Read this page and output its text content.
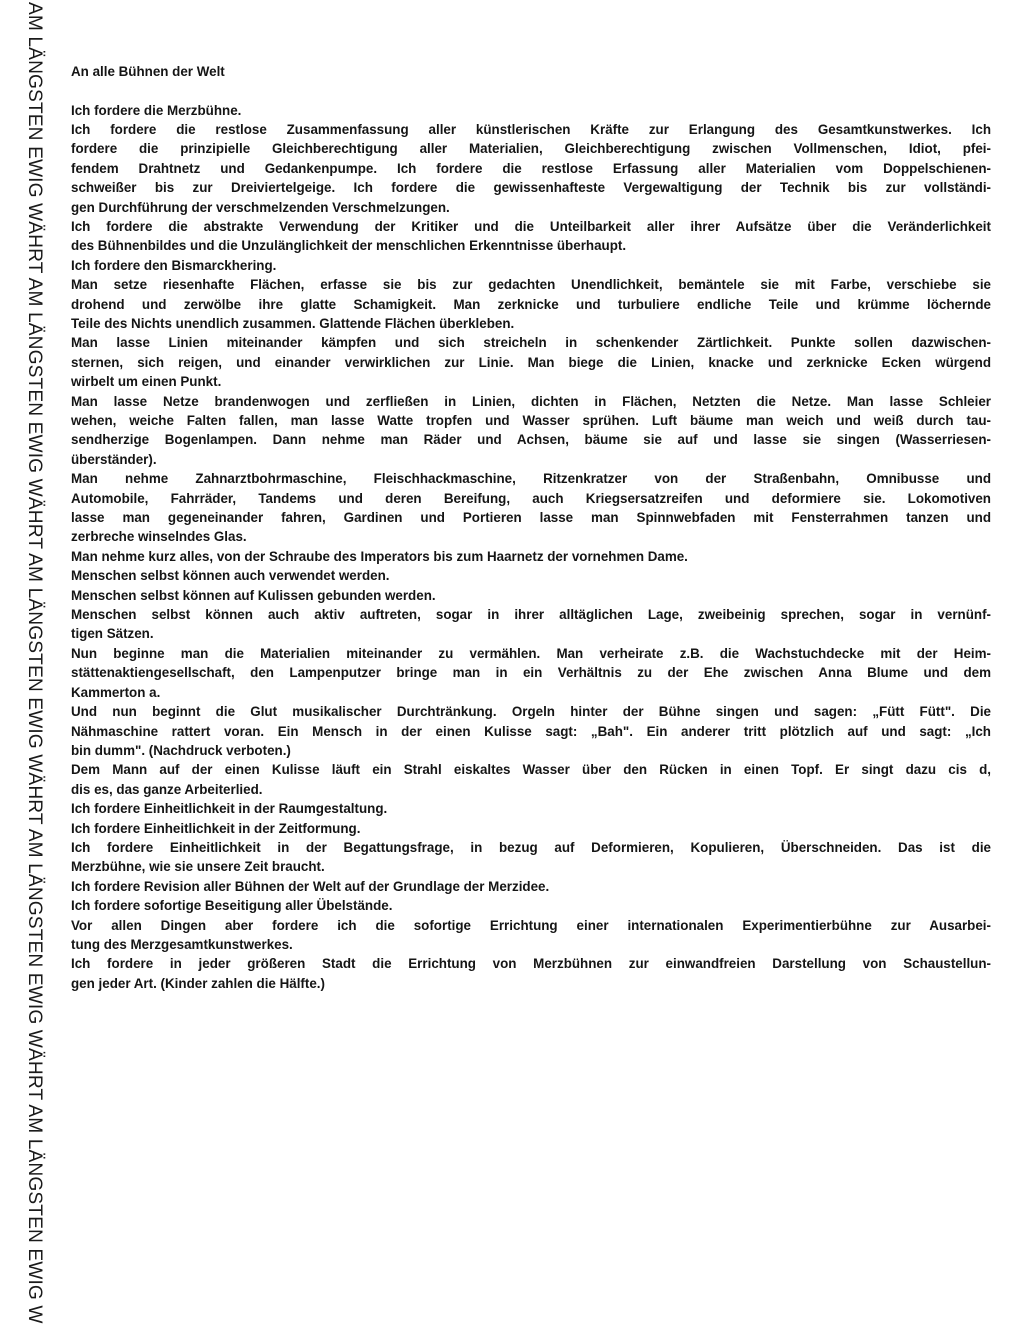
AM LÄNGSTEN EWIG WÄHRT AM LÄNGSTEN EWIG WÄHRT AM LÄNGSTEN EWIG WÄHRT AM LÄNGSTEN EWIG WÄHRT AM LÄNGSTEN EWIG W An alle Bühnen der Welt
Ich fordere die Merzbühne.
Ich fordere die restlose Zusammenfassung aller künstlerischen Kräfte zur Erlangung des Gesamtkunstwerkes. Ich
fordere die prinzipielle Gleichberechtigung aller Materialien, Gleichberechtigung zwischen Vollmenschen, Idiot, pfei-
fendem Drahtnetz und Gedankenpumpe. Ich fordere die restlose Erfassung aller Materialien vom Doppelschienen-
schweißer bis zur Dreiviertelgeige. Ich fordere die gewissenhafteste Vergewaltigung der Technik bis zur vollständi-
gen Durchführung der verschmelzenden Verschmelzungen.
Ich fordere die abstrakte Verwendung der Kritiker und die Unteilbarkeit aller ihrer Aufsätze über die Veränderlichkeit
des Bühnenbildes und die Unzulänglichkeit der menschlichen Erkenntnisse überhaupt.
Ich fordere den Bismarckhering.
Man setze riesenhafte Flächen, erfasse sie bis zur gedachten Unendlichkeit, bemäntele sie mit Farbe, verschiebe sie
drohend und zerwölbe ihre glatte Schamigkeit. Man zerknicke und turbuliere endliche Teile und krümme löchernde
Teile des Nichts unendlich zusammen. Glattende Flächen überkleben.
Man lasse Linien miteinander kämpfen und sich streicheln in schenkender Zärtlichkeit. Punkte sollen dazwischen-
sternen, sich reigen, und einander verwirklichen zur Linie. Man biege die Linien, knacke und zerknicke Ecken würgend
wirbelt um einen Punkt.
Man lasse Netze brandenwogen und zerfließen in Linien, dichten in Flächen, Netzten die Netze. Man lasse Schleier
wehen, weiche Falten fallen, man lasse Watte tropfen und Wasser sprühen. Luft bäume man weich und weiß durch tau-
sendherzige Bogenlampen. Dann nehme man Räder und Achsen, bäume sie auf und lasse sie singen (Wasserriesen-
überständer).
Man nehme Zahnarztbohrmaschine, Fleischhackmaschine, Ritzenkratzer von der Straßenbahn, Omnibusse und
Automobile, Fahrräder, Tandems und deren Bereifung, auch Kriegsersatzreifen und deformiere sie. Lokomotiven
lasse man gegeneinander fahren, Gardinen und Portieren lasse man Spinnwebfaden mit Fensterrahmen tanzen und
zerbreche winselndes Glas.
Man nehme kurz alles, von der Schraube des Imperators bis zum Haarnetz der vornehmen Dame.
Menschen selbst können auch verwendet werden.
Menschen selbst können auf Kulissen gebunden werden.
Menschen selbst können auch aktiv auftreten, sogar in ihrer alltäglichen Lage, zweibeinig sprechen, sogar in vernünf-
tigen Sätzen.
Nun beginne man die Materialien miteinander zu vermählen. Man verheirate z.B. die Wachstuchdecke mit der Heim-
stättenaktiengesellschaft, den Lampenputzer bringe man in ein Verhältnis zu der Ehe zwischen Anna Blume und dem
Kammerton a.
Und nun beginnt die Glut musikalischer Durchtränkung. Orgeln hinter der Bühne singen und sagen: „Fütt Fütt". Die
Nähmaschine rattert voran. Ein Mensch in der einen Kulisse sagt: „Bah". Ein anderer tritt plötzlich auf und sagt: „Ich
bin dumm". (Nachdruck verboten.)
Dem Mann auf der einen Kulisse läuft ein Strahl eiskaltes Wasser über den Rücken in einen Topf. Er singt dazu cis d,
dis es, das ganze Arbeiterlied.
Ich fordere Einheitlichkeit in der Raumgestaltung.
Ich fordere Einheitlichkeit in der Zeitformung.
Ich fordere Einheitlichkeit in der Begattungsfrage, in bezug auf Deformieren, Kopulieren, Überschneiden. Das ist die
Merzbühne, wie sie unsere Zeit braucht.
Ich fordere Revision aller Bühnen der Welt auf der Grundlage der Merzidee.
Ich fordere sofortige Beseitigung aller Übelstände.
Vor allen Dingen aber fordere ich die sofortige Errichtung einer internationalen Experimentierbühne zur Ausarbei-
tung des Merzgesamtkunstwerkes.
Ich fordere in jeder größeren Stadt die Errichtung von Merzbühnen zur einwandfreien Darstellung von Schaustellun-
gen jeder Art. (Kinder zahlen die Hälfte.)
